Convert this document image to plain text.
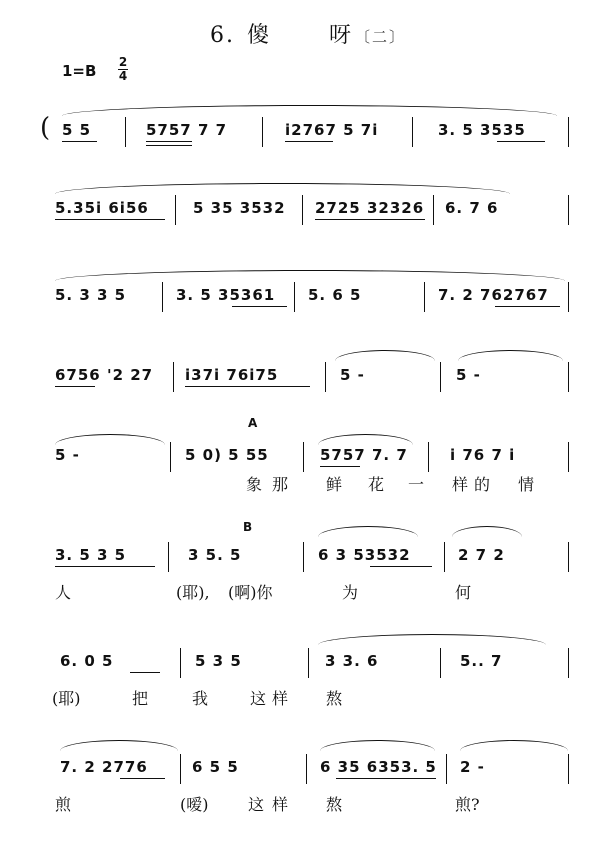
6. 傻	呀 〔二〕
1=B 2
4
( 5 5	5757 7 7	i2767 5 7i	3. 5 3535
5.35i 6i56	5 35 3532 2725 32326 6. 7 6
5. 3 3 5	3. 5 35361 5. 6 5	7. 2 762767
6756 '2 27 i37i 76i75	5 -	5 -
A
5 -	5 0) 5 55	5757 7. 7	i 76 7 i
象 那 鲜 花 一 样 的 情
B
3. 5 3 5	3 5. 5	6 3 53532	2 7 2
人	(耶), (啊)你	为	何
6. 0 5	5 3 5	3 3. 6	5.. 7
(耶)	把	我	这 样 熬
7. 2 2776	6 5 5	6 35 6353. 5 2 -
煎	(嗳) 这 样 熬	煎?
